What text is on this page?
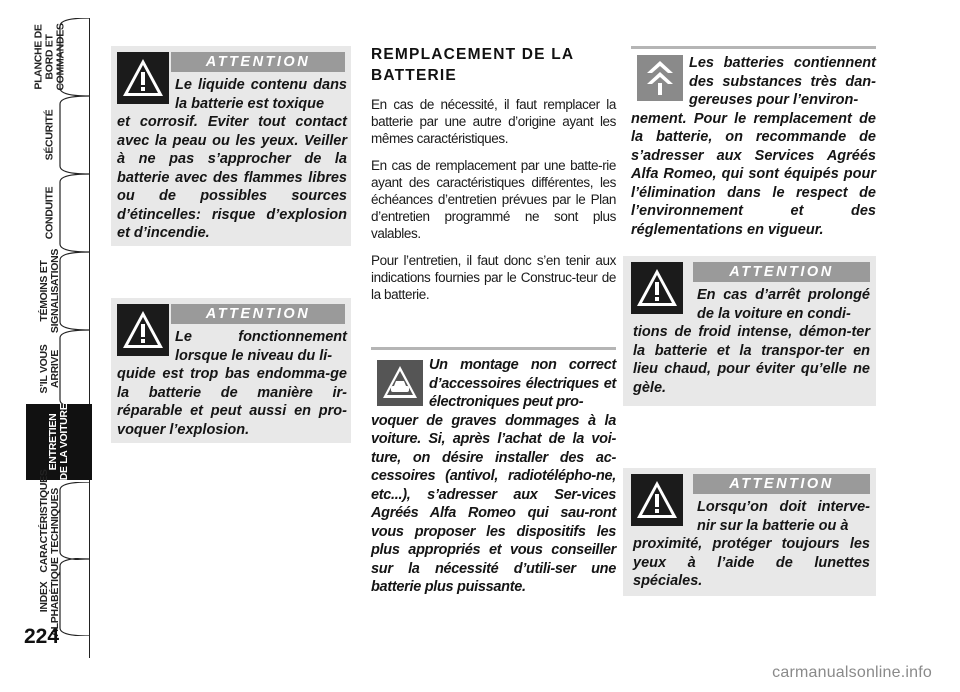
PLANCHE DE
BORD ET
COMMANDES
SÉCURITÉ
CONDUITE
TÉMOINS ET
SIGNALISATIONS
S’IL VOUS
ARRIVE
ENTRETIEN
DE LA VOITURE
CARACTÉRISTIQUES
TECHNIQUES
INDEX
ALPHABÉTIQUE
224
ATTENTION
Le liquide contenu dans la batterie est toxique
et corrosif. Eviter tout contact avec la peau ou les yeux. Veiller à ne pas s’approcher de la batterie avec des flammes libres ou de possibles sources d’étincelles: risque d’explosion et d’incendie.
ATTENTION
Le fonctionnement lorsque le niveau du li-
quide est trop bas endomma-ge la batterie de manière ir-réparable et peut aussi en pro-voquer l’explosion.
REMPLACEMENT DE LA BATTERIE

En cas de nécessité, il faut remplacer la batterie par une autre d’origine ayant les mêmes caractéristiques.

En cas de remplacement par une batte-rie ayant des caractéristiques différentes, les échéances d’entretien prévues par le Plan d’entretien programmé ne sont plus valables.

Pour l’entretien, il faut donc s’en tenir aux indications fournies par le Construc-teur de la batterie.

Un montage non correct d’accessoires électriques et électroniques peut pro-
voquer de graves dommages à la voiture. Si, après l’achat de la voi-ture, on désire installer des ac-cessoires (antivol, radiotélépho-ne, etc...), s’adresser aux Ser-vices Agréés Alfa Romeo qui sau-ront vous proposer les dispositifs les plus appropriés et vous conseiller sur la nécessité d’utili-ser une batterie plus puissante.
Les batteries contiennent des substances très dan-gereuses pour l’environ-
nement. Pour le remplacement de la batterie, on recommande de s’adresser aux Services Agréés Alfa Romeo, qui sont équipés pour l’élimination dans le respect de l’environnement et des réglementations en vigueur.
ATTENTION
En cas d’arrêt prolongé de la voiture en condi-
tions de froid intense, démon-ter la batterie et la transpor-ter en lieu chaud, pour éviter qu’elle ne gèle.
ATTENTION
Lorsqu’on doit interve-nir sur la batterie ou à
proximité, protéger toujours les yeux à l’aide de lunettes spéciales.
carmanualsonline.info
